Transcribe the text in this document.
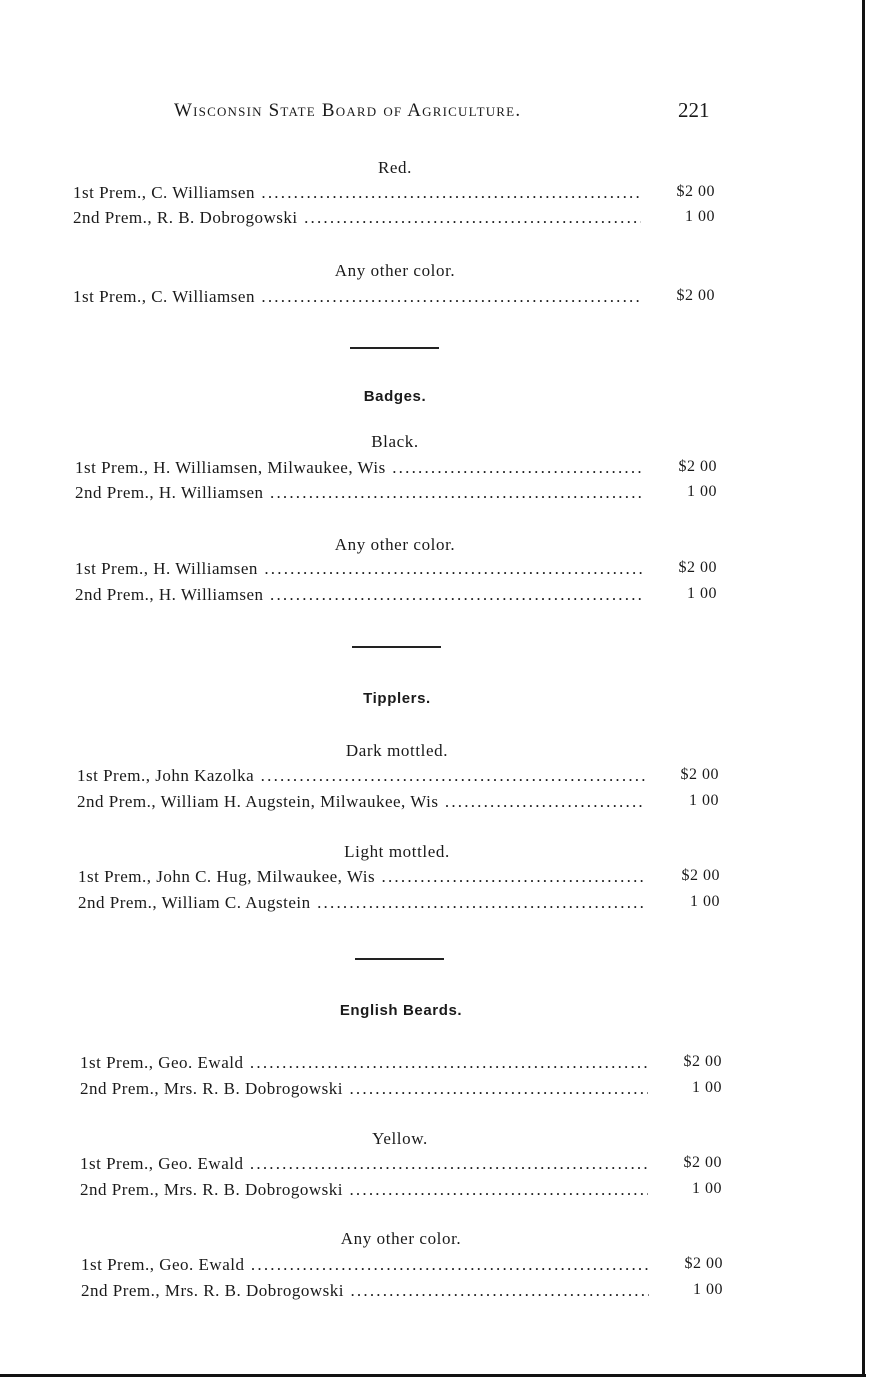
Wisconsin State Board of Agriculture.	221
Red.
1st Prem., C. Williamsen .....	$2 00
2nd Prem., R. B. Dobrogowski .....	1 00
Any other color.
1st Prem., C. Williamsen .....	$2 00
Badges.
Black.
1st Prem., H. Williamsen, Milwaukee, Wis .....	$2 00
2nd Prem., H. Williamsen .....	1 00
Any other color.
1st Prem., H. Williamsen .....	$2 00
2nd Prem., H. Williamsen .....	1 00
Tipplers.
Dark mottled.
1st Prem., John Kazolka .....	$2 00
2nd Prem., William H. Augstein, Milwaukee, Wis .....	1 00
Light mottled.
1st Prem., John C. Hug, Milwaukee, Wis .....	$2 00
2nd Prem., William C. Augstein .....	1 00
English Beards.
1st Prem., Geo. Ewald .....	$2 00
2nd Prem., Mrs. R. B. Dobrogowski .....	1 00
Yellow.
1st Prem., Geo. Ewald .....	$2 00
2nd Prem., Mrs. R. B. Dobrogowski .....	1 00
Any other color.
1st Prem., Geo. Ewald .....	$2 00
2nd Prem., Mrs. R. B. Dobrogowski .....	1 00
